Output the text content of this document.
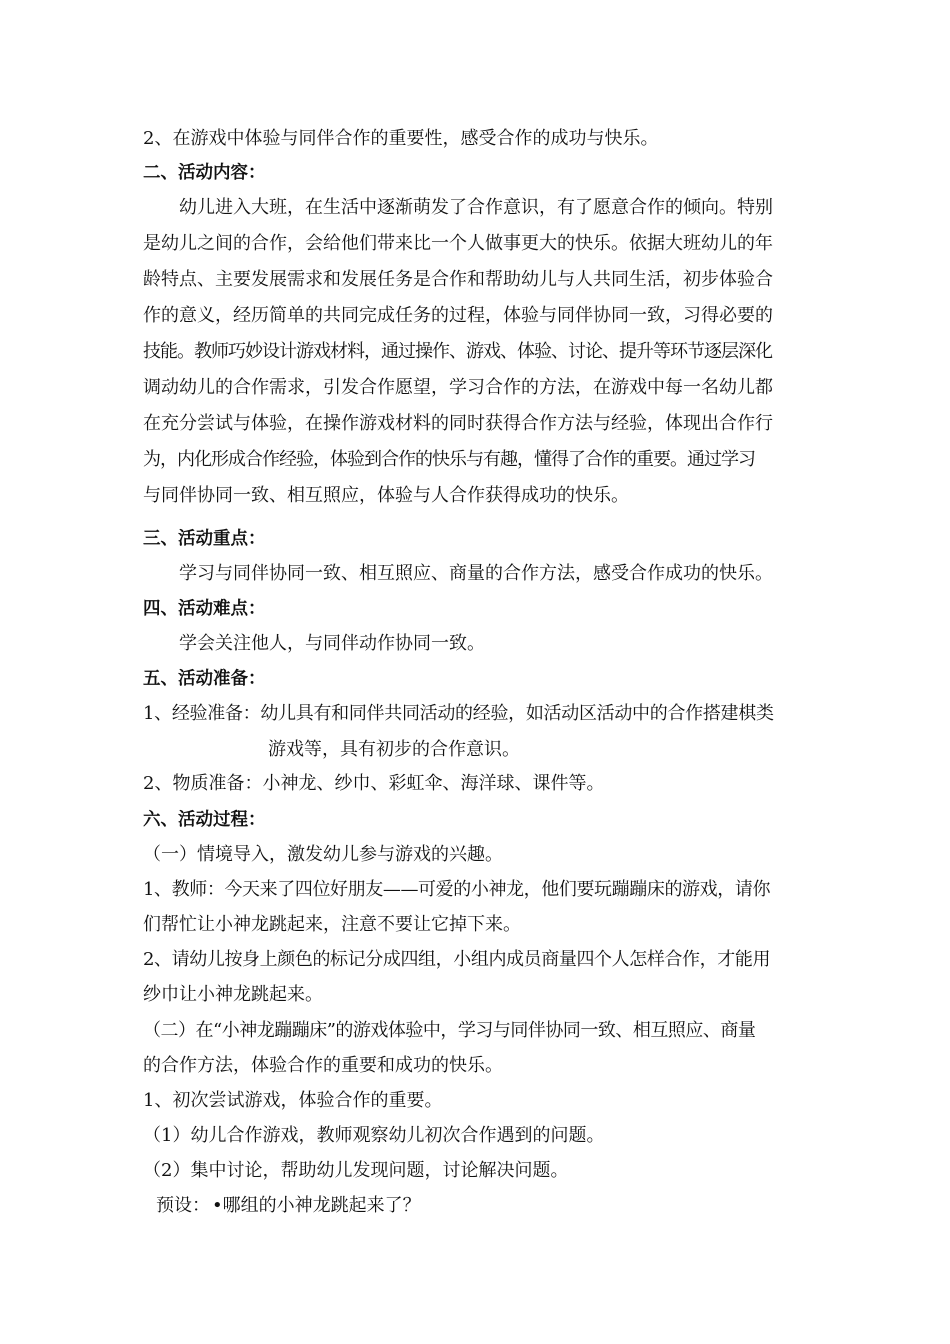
2、在游戏中体验与同伴合作的重要性，感受合作的成功与快乐。
二、活动内容：
幼儿进入大班，在生活中逐渐萌发了合作意识，有了愿意合作的倾向。特别
是幼儿之间的合作，会给他们带来比一个人做事更大的快乐。依据大班幼儿的年
龄特点、主要发展需求和发展任务是合作和帮助幼儿与人共同生活，初步体验合
作的意义，经历简单的共同完成任务的过程，体验与同伴协同一致，习得必要的
技能。教师巧妙设计游戏材料，通过操作、游戏、体验、讨论、提升等环节逐层深化
调动幼儿的合作需求，引发合作愿望，学习合作的方法，在游戏中每一名幼儿都
在充分尝试与体验，在操作游戏材料的同时获得合作方法与经验，体现出合作行
为，内化形成合作经验，体验到合作的快乐与有趣，懂得了合作的重要。通过学习
与同伴协同一致、相互照应，体验与人合作获得成功的快乐。
三、活动重点：
学习与同伴协同一致、相互照应、商量的合作方法，感受合作成功的快乐。
四、活动难点：
学会关注他人，与同伴动作协同一致。
五、活动准备：
1、经验准备：幼儿具有和同伴共同活动的经验，如活动区活动中的合作搭建棋类
游戏等，具有初步的合作意识。
2、物质准备：小神龙、纱巾、彩虹伞、海洋球、课件等。
六、活动过程：
（一）情境导入，激发幼儿参与游戏的兴趣。
1、教师：今天来了四位好朋友——可爱的小神龙，他们要玩蹦蹦床的游戏，请你
们帮忙让小神龙跳起来，注意不要让它掉下来。
2、请幼儿按身上颜色的标记分成四组，小组内成员商量四个人怎样合作，才能用
纱巾让小神龙跳起来。
（二）在“小神龙蹦蹦床”的游戏体验中，学习与同伴协同一致、相互照应、商量
的合作方法，体验合作的重要和成功的快乐。
1、初次尝试游戏，体验合作的重要。
（1）幼儿合作游戏，教师观察幼儿初次合作遇到的问题。
（2）集中讨论，帮助幼儿发现问题，讨论解决问题。
预设： •哪组的小神龙跳起来了？
